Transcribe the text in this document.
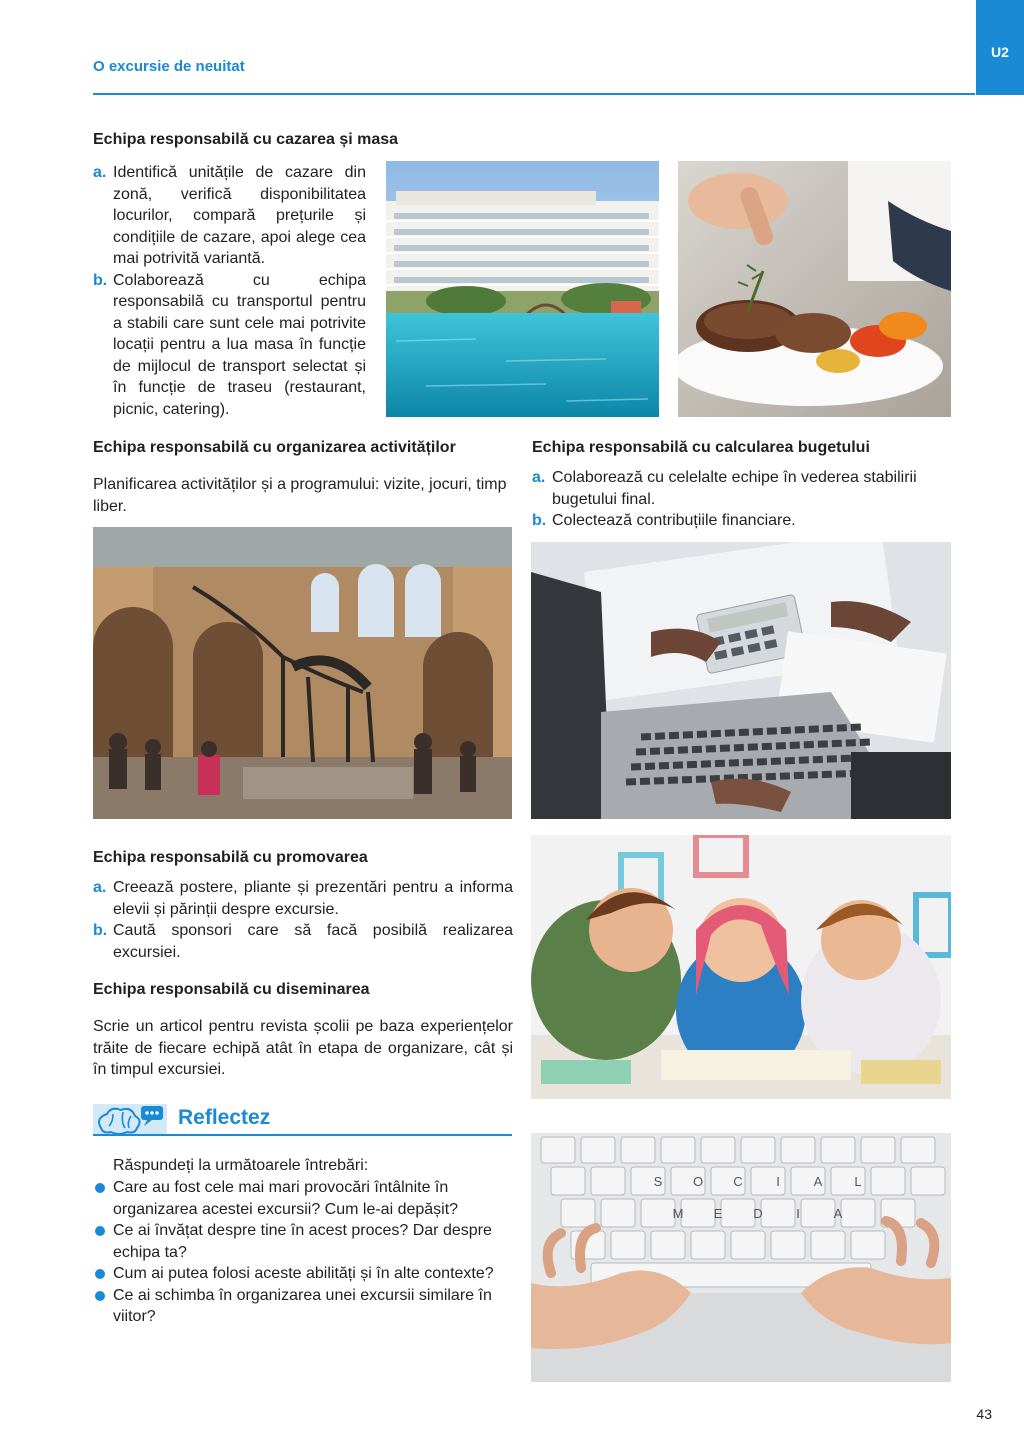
O excursie de neuitat
U2
Echipa responsabilă cu cazarea și masa
a. Identifică unitățile de cazare din zonă, verifică disponibilitatea locurilor, compară prețurile și condițiile de cazare, apoi alege cea mai potrivită variantă.
b. Colaborează cu echipa responsabilă cu transportul pentru a stabili care sunt cele mai potrivite locații pentru a lua masa în funcție de mijlocul de transport selectat și în funcție de traseu (restaurant, picnic, catering).
Echipa responsabilă cu organizarea activităților
Planificarea activităților și a programului: vizite, jocuri, timp liber.
Echipa responsabilă cu calcularea bugetului
a. Colaborează cu celelalte echipe în vederea stabilirii bugetului final.
b. Colectează contribuțiile financiare.
Echipa responsabilă cu promovarea
a. Creează postere, pliante și prezentări pentru a informa elevii și părinții despre excursie.
b. Caută sponsori care să facă posibilă realizarea excursiei.
Echipa responsabilă cu diseminarea
Scrie un articol pentru revista școlii pe baza experiențelor trăite de fiecare echipă atât în etapa de organizare, cât și în timpul excursiei.
Reflectez
Răspundeți la următoarele întrebări:
Care au fost cele mai mari provocări întâlnite în organizarea acestei excursii? Cum le-ai depășit?
Ce ai învățat despre tine în acest proces? Dar despre echipa ta?
Cum ai putea folosi aceste abilități și în alte contexte?
Ce ai schimba în organizarea unei excursii similare în viitor?
S O C	I	A L
M E D	I	A
43
